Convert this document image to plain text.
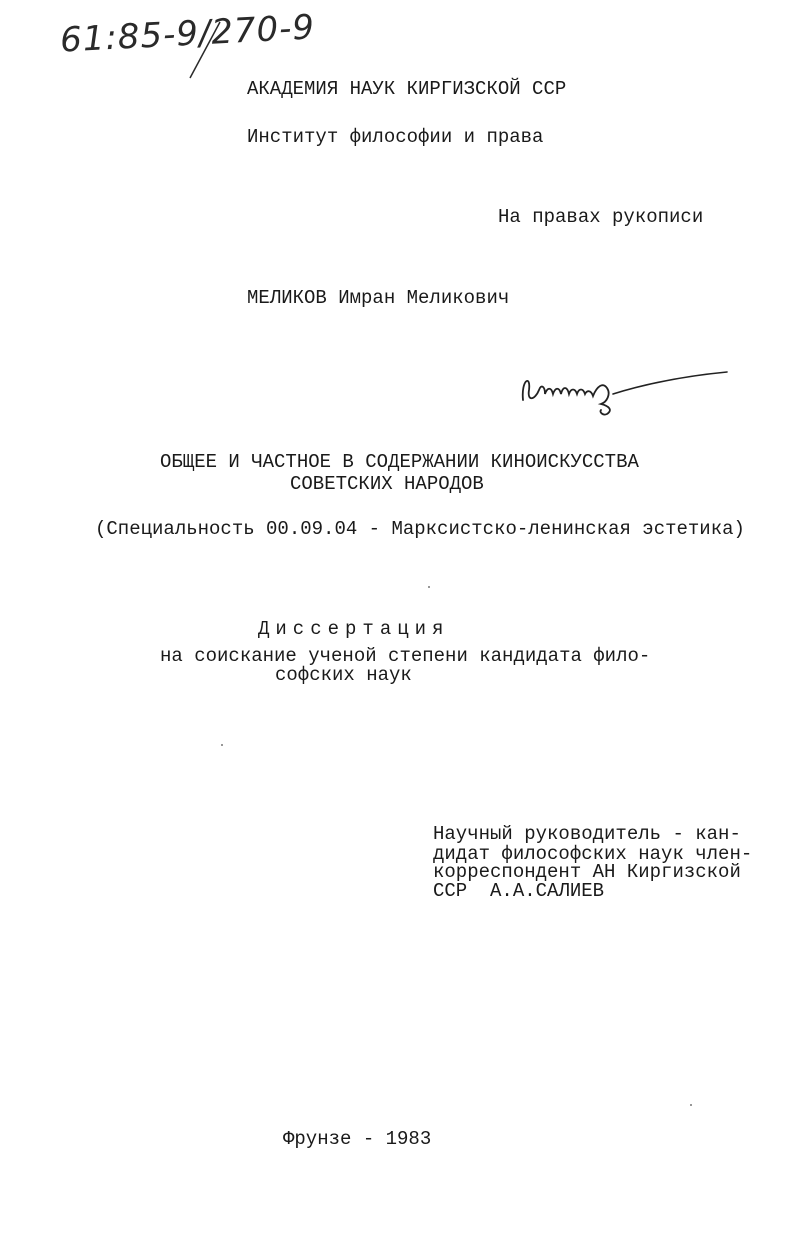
61:85-9/270-9
АКАДЕМИЯ НАУК КИРГИЗСКОЙ ССР
Институт философии и права
На правах рукописи
МЕЛИКОВ Имран Меликович
ОБЩЕЕ И ЧАСТНОЕ В СОДЕРЖАНИИ КИНОИСКУССТВА
СОВЕТСКИХ НАРОДОВ
(Специальность 00.09.04 - Марксистско-ленинская эстетика)
Диссертация
на соискание ученой степени кандидата фило-
софских наук
Научный руководитель - кан-
дидат философских наук член-
корреспондент АН Киргизской
ССР  А.А.САЛИЕВ
Фрунзе - 1983
